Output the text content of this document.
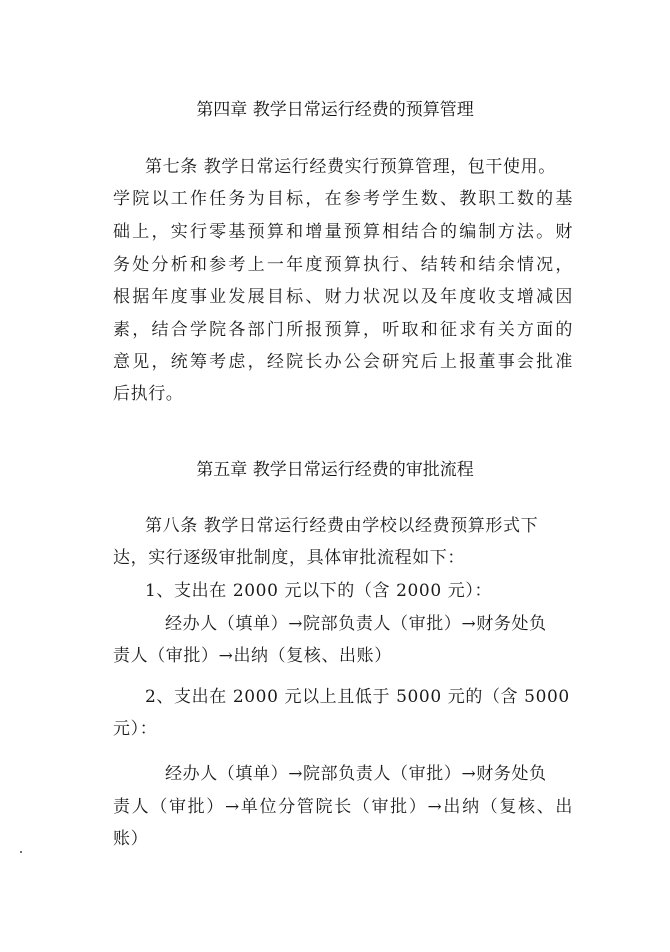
第四章 教学日常运行经费的预算管理
第七条 教学日常运行经费实行预算管理，包干使用。
学院以工作任务为目标，在参考学生数、教职工数的基
础上，实行零基预算和增量预算相结合的编制方法。财
务处分析和参考上一年度预算执行、结转和结余情况，
根据年度事业发展目标、财力状况以及年度收支增减因
素，结合学院各部门所报预算，听取和征求有关方面的
意见，统筹考虑，经院长办公会研究后上报董事会批准
后执行。
第五章 教学日常运行经费的审批流程
第八条 教学日常运行经费由学校以经费预算形式下
达，实行逐级审批制度，具体审批流程如下：
1、支出在 2000 元以下的（含 2000 元）：
经办人（填单）→院部负责人（审批）→财务处负
责人（审批）→出纳（复核、出账）
2、支出在 2000 元以上且低于 5000 元的（含 5000
元）：
经办人（填单）→院部负责人（审批）→财务处负
责人（审批）→单位分管院长（审批）→出纳（复核、出
账）
